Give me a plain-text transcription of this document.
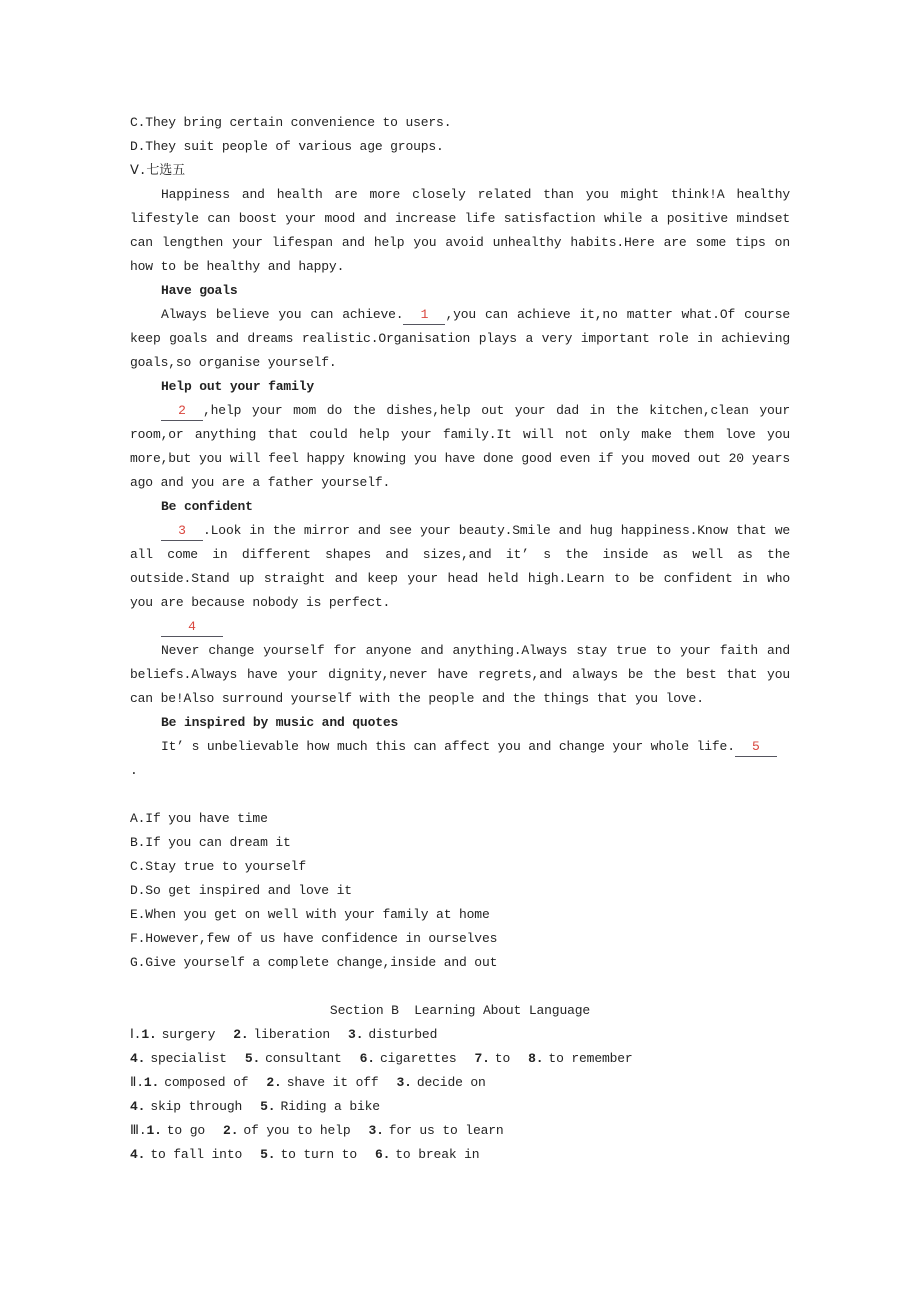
C.They bring certain convenience to users.
D.They suit people of various age groups.
Ⅴ.七选五
Happiness and health are more closely related than you might think!A healthy lifestyle can boost your mood and increase life satisfaction while a positive mindset can lengthen your lifespan and help you avoid unhealthy habits.Here are some tips on how to be healthy and happy.
Have goals
Always believe you can achieve. 1 ,you can achieve it,no matter what.Of course keep goals and dreams realistic.Organisation plays a very important role in achieving goals,so organise yourself.
Help out your family
2 ,help your mom do the dishes,help out your dad in the kitchen,clean your room,or anything that could help your family.It will not only make them love you more,but you will feel happy knowing you have done good even if you moved out 20 years ago and you are a father yourself.
Be confident
3 .Look in the mirror and see your beauty.Smile and hug happiness.Know that we all come in different shapes and sizes,and it’ s the inside as well as the outside.Stand up straight and keep your head held high.Learn to be confident in who you are because nobody is perfect.
4
Never change yourself for anyone and anything.Always stay true to your faith and beliefs.Always have your dignity,never have regrets,and always be the best that you can be!Also surround yourself with the people and the things that you love.
Be inspired by music and quotes
It’ s unbelievable how much this can affect you and change your whole life. 5
.
A.If you have time
B.If you can dream it
C.Stay true to yourself
D.So get inspired and love it
E.When you get on well with your family at home
F.However,few of us have confidence in ourselves
G.Give yourself a complete change,inside and out
Section B  Learning About Language
Ⅰ.1. surgery 2. liberation 3. disturbed
4. specialist 5. consultant 6. cigarettes 7. to 8. to remember
Ⅱ.1. composed of 2. shave it off 3. decide on
4. skip through 5. Riding a bike
Ⅲ.1. to go 2. of you to help 3. for us to learn
4. to fall into 5. to turn to 6. to break in
